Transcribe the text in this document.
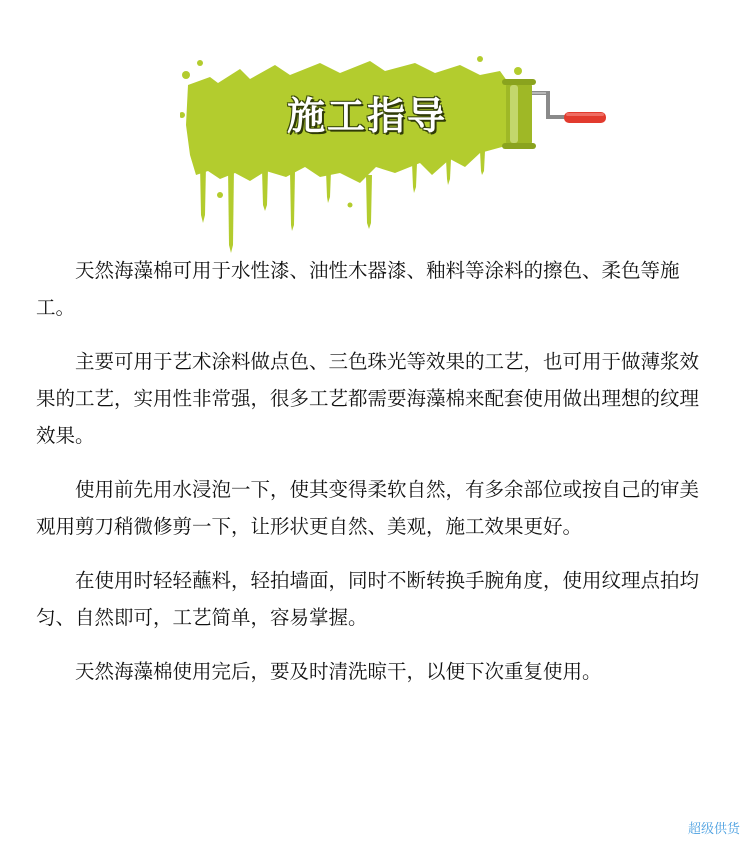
施工指导

天然海藻棉可用于水性漆、油性木器漆、釉料等涂料的擦色、柔色等施工。

主要可用于艺术涂料做点色、三色珠光等效果的工艺，也可用于做薄浆效果的工艺，实用性非常强，很多工艺都需要海藻棉来配套使用做出理想的纹理效果。

使用前先用水浸泡一下，使其变得柔软自然，有多余部位或按自己的审美观用剪刀稍微修剪一下，让形状更自然、美观，施工效果更好。

在使用时轻轻蘸料，轻拍墙面，同时不断转换手腕角度，使用纹理点拍均匀、自然即可，工艺简单，容易掌握。

天然海藻棉使用完后，要及时清洗晾干，以便下次重复使用。

超级供货
